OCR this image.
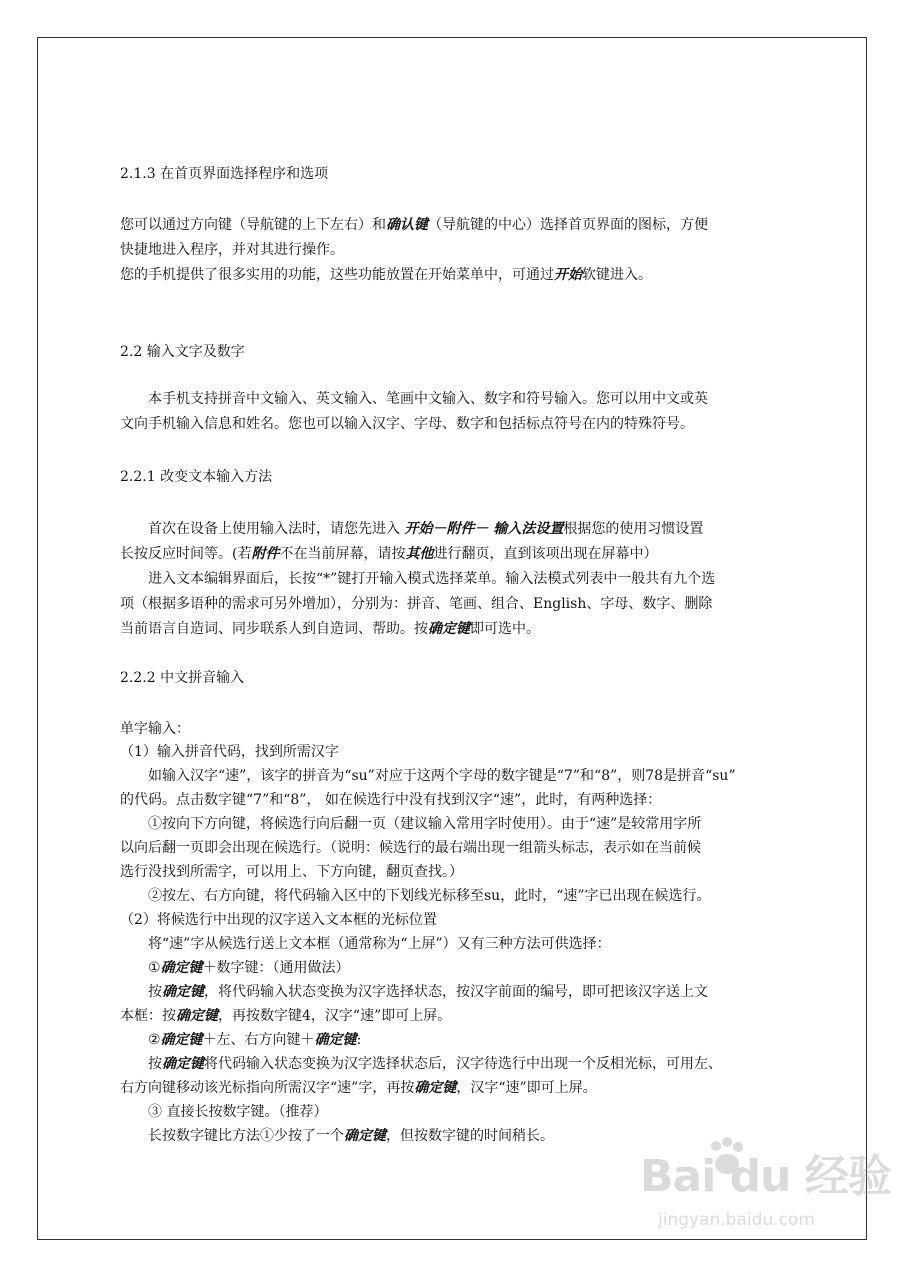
2.1.3 在首页界面选择程序和选项
您可以通过方向键（导航键的上下左右）和确认键（导航键的中心）选择首页界面的图标，方便
快捷地进入程序，并对其进行操作。
您的手机提供了很多实用的功能，这些功能放置在开始菜单中，可通过开始软键进入。
2.2 输入文字及数字
本手机支持拼音中文输入、英文输入、笔画中文输入、数字和符号输入。您可以用中文或英
文向手机输入信息和姓名。您也可以输入汉字、字母、数字和包括标点符号在内的特殊符号。
2.2.1 改变文本输入方法
首次在设备上使用输入法时，请您先进入 开始－附件－ 输入法设置根据您的使用习惯设置
长按反应时间等。(若附件不在当前屏幕，请按其他进行翻页，直到该项出现在屏幕中）
进入文本编辑界面后，长按“*”键打开输入模式选择菜单。输入法模式列表中一般共有九个选
项（根据多语种的需求可另外增加），分别为：拼音、笔画、组合、English、字母、数字、删除
当前语言自造词、同步联系人到自造词、帮助。按确定键即可选中。
2.2.2 中文拼音输入
单字输入：
（1）输入拼音代码，找到所需汉字
如输入汉字“速”，该字的拼音为“su”对应于这两个字母的数字键是“7”和“8”，则78是拼音“su”
的代码。点击数字键“7”和“8”， 如在候选行中没有找到汉字“速”，此时，有两种选择：
①按向下方向键，将候选行向后翻一页（建议输入常用字时使用）。由于“速”是较常用字所
以向后翻一页即会出现在候选行。（说明：候选行的最右端出现一组箭头标志，表示如在当前候
选行没找到所需字，可以用上、下方向键，翻页查找。）
②按左、右方向键，将代码输入区中的下划线光标移至su，此时，“速”字已出现在候选行。
（2）将候选行中出现的汉字送入文本框的光标位置
将“速”字从候选行送上文本框（通常称为“上屏”）又有三种方法可供选择：
①确定键＋数字键：（通用做法）
按确定键，将代码输入状态变换为汉字选择状态，按汉字前面的编号，即可把该汉字送上文
本框：按确定键，再按数字键4，汉字“速”即可上屏。
②确定键＋左、右方向键＋确定键:
按确定键将代码输入状态变换为汉字选择状态后，汉字待选行中出现一个反相光标，可用左、
右方向键移动该光标指向所需汉字“速”字，再按确定键，汉字“速”即可上屏。
③ 直接长按数字键。（推荐）
长按数字键比方法①少按了一个确定键，但按数字键的时间稍长。
Bai du 经验
jingyan.baidu.com
